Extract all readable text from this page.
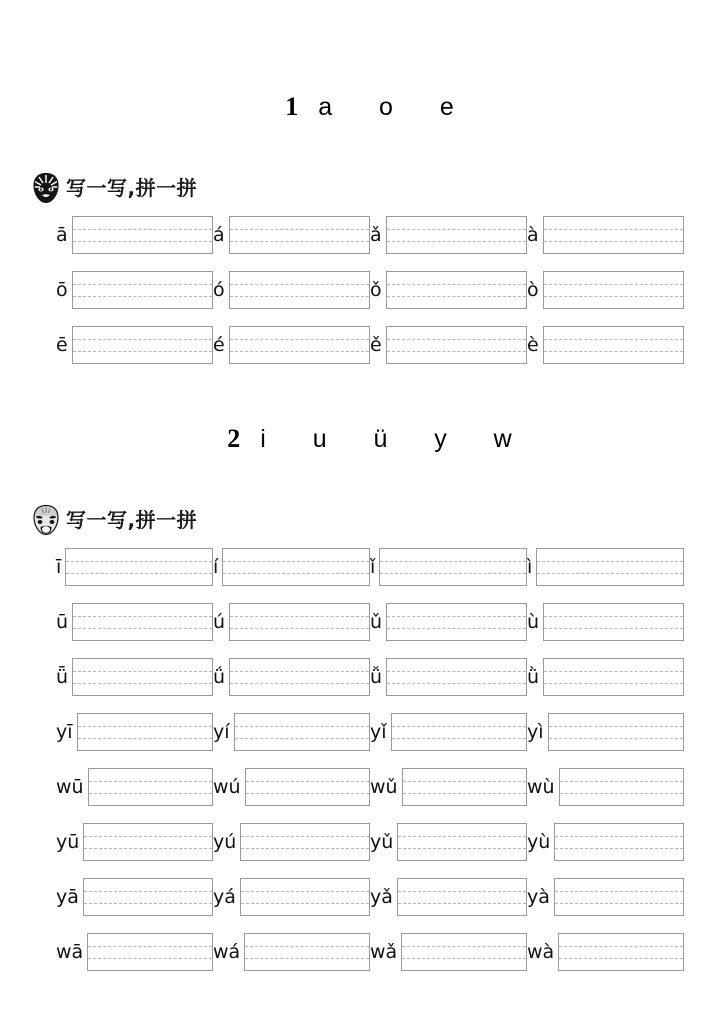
1 a  o  e

写一写,拼一拼
ā	á	ǎ	à
ō	ó	ǒ	ò
ē	é	ě	è

2 i  u  ü  y  w

写一写,拼一拼
ī	í	ǐ	ì
ū	ú	ǔ	ù
ǖ	ǘ	ǚ	ǜ
yī	yí	yǐ	yì
wū	wú	wǔ	wù
yū	yú	yǔ	yù
yā	yá	yǎ	yà
wā	wá	wǎ	wà
